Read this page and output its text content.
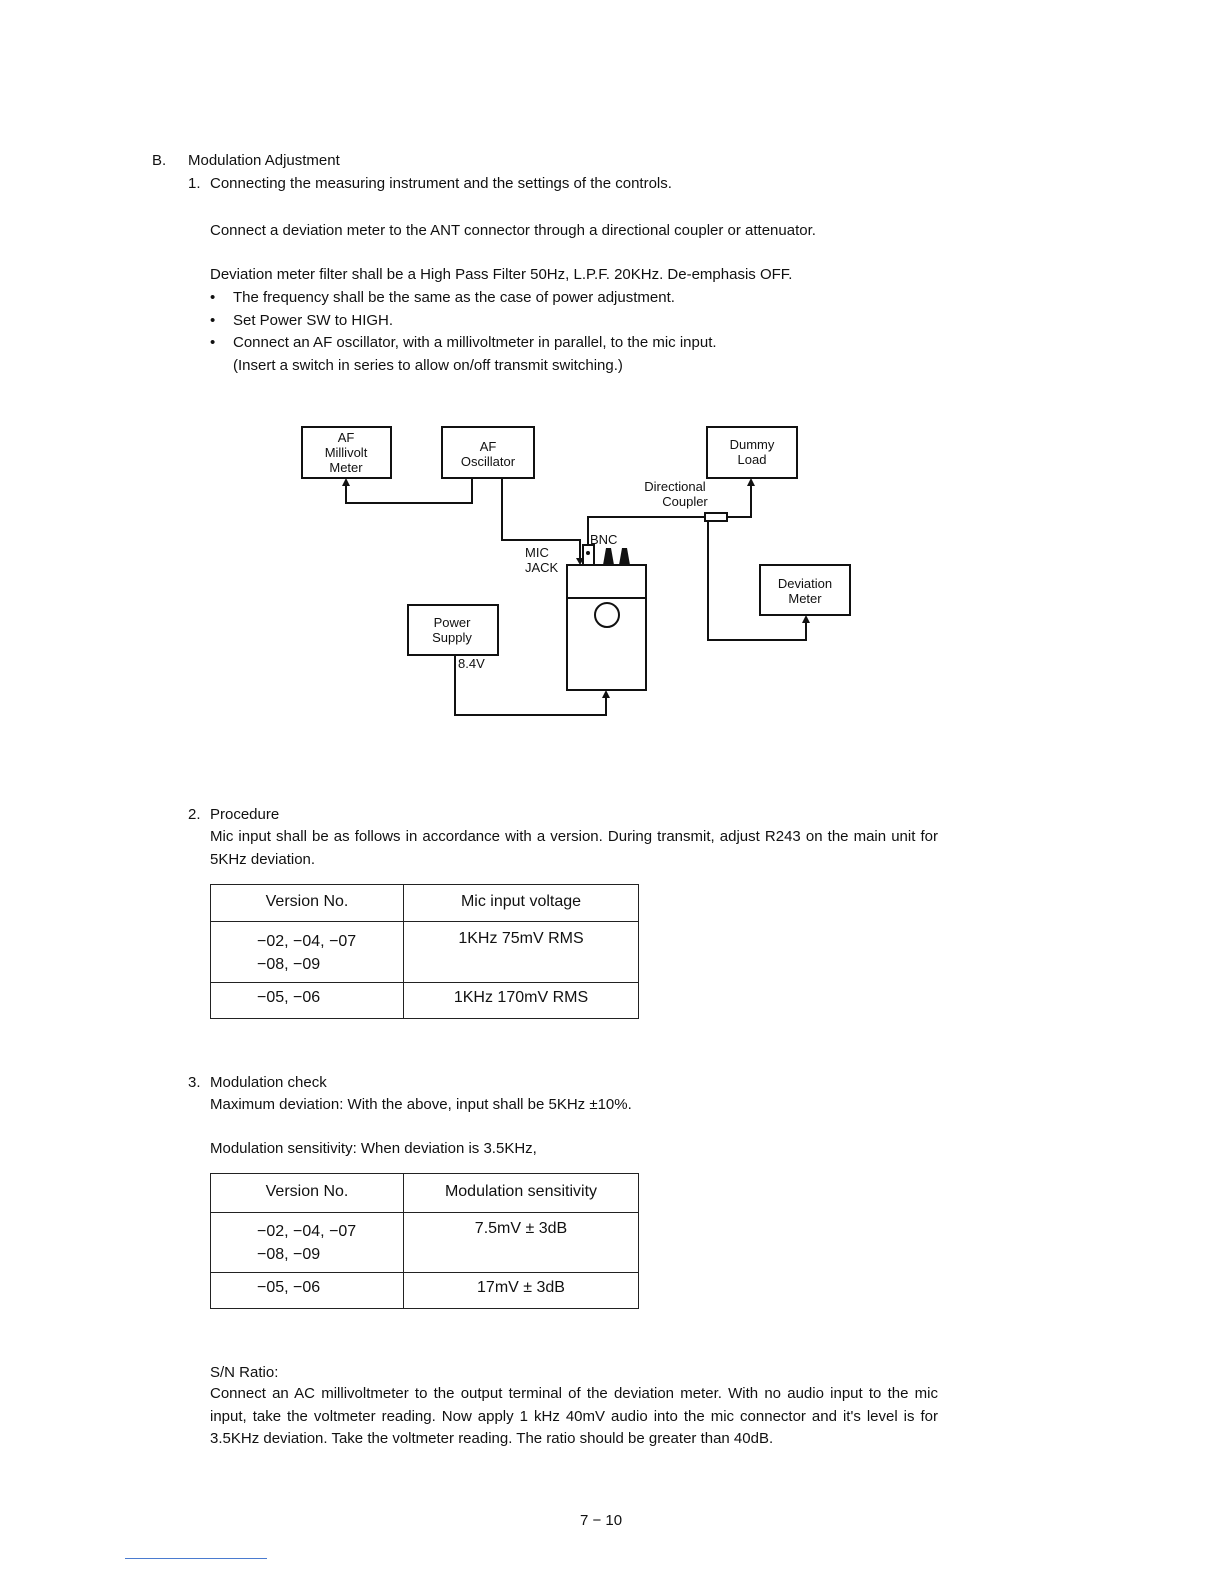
B. Modulation Adjustment
1. Connecting the measuring instrument and the settings of the controls.
Connect a deviation meter to the ANT connector through a directional coupler or attenuator.
Deviation meter filter shall be a High Pass Filter 50Hz, L.P.F. 20KHz. De-emphasis OFF.
• The frequency shall be the same as the case of power adjustment.
• Set Power SW to HIGH.
• Connect an AF oscillator, with a millivoltmeter in parallel, to the mic input.
(Insert a switch in series to allow on/off transmit switching.)
AF
Millivolt
Meter
AF
Oscillator
Dummy
Load
Directional
Coupler
BNC
MIC
JACK
Deviation
Meter
Power
Supply
8.4V
2. Procedure
Mic input shall be as follows in accordance with a version. During transmit, adjust R243 on the main unit for 5KHz deviation.
Version No.	Mic input voltage

−02, −04, −07
−08, −09	1KHz 75mV RMS
−05, −06	1KHz 170mV RMS
3. Modulation check
Maximum deviation: With the above, input shall be 5KHz ±10%.
Modulation sensitivity: When deviation is 3.5KHz,
Version No.	Modulation sensitivity

−02, −04, −07
−08, −09	7.5mV ± 3dB
−05, −06	17mV ± 3dB
S/N Ratio:
Connect an AC millivoltmeter to the output terminal of the deviation meter. With no audio input to the mic input, take the voltmeter reading. Now apply 1 kHz 40mV audio into the mic connector and it's level is for 3.5KHz deviation. Take the voltmeter reading. The ratio should be greater than 40dB.
7 − 10
